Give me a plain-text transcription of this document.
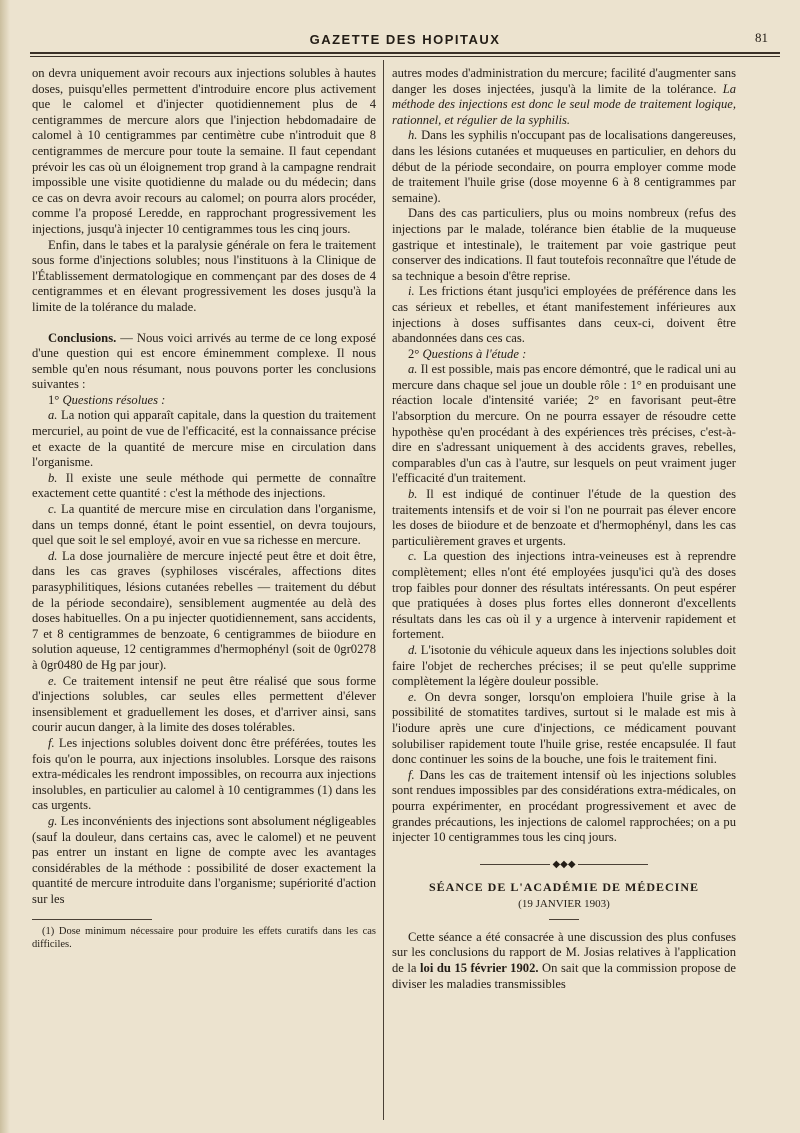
GAZETTE DES HOPITAUX	81

on devra uniquement avoir recours aux injections solubles à hautes doses, puisqu'elles permettent d'introduire encore plus activement que le calomel et d'injecter quotidiennement plus de 4 centigrammes de mercure alors que l'injection hebdomadaire de calomel à 10 centigrammes par centimètre cube n'introduit que 8 centigrammes de mercure pour toute la semaine. Il faut cependant prévoir les cas où un éloignement trop grand à la campagne rendrait impossible une visite quotidienne du malade ou du médecin; dans ce cas on devra avoir recours au calomel; on pourra alors procéder, comme l'a proposé Leredde, en rapprochant progressivement les injections, jusqu'à injecter 10 centigrammes tous les cinq jours.

Enfin, dans le tabes et la paralysie générale on fera le traitement sous forme d'injections solubles; nous l'instituons à la Clinique de l'Établissement dermatologique en commençant par des doses de 4 centigrammes et en élevant progressivement les doses jusqu'à la limite de la tolérance du malade.

Conclusions. — Nous voici arrivés au terme de ce long exposé d'une question qui est encore éminemment complexe. Il nous semble qu'en nous résumant, nous pouvons porter les conclusions suivantes :

1° Questions résolues :

a. La notion qui apparaît capitale, dans la question du traitement mercuriel, au point de vue de l'efficacité, est la connaissance précise et exacte de la quantité de mercure mise en circulation dans l'organisme.

b. Il existe une seule méthode qui permette de connaître exactement cette quantité : c'est la méthode des injections.

c. La quantité de mercure mise en circulation dans l'organisme, dans un temps donné, étant le point essentiel, on devra toujours, quel que soit le sel employé, avoir en vue sa richesse en mercure.

d. La dose journalière de mercure injecté peut être et doit être, dans les cas graves (syphiloses viscérales, affections dites parasyphilitiques, lésions cutanées rebelles — traitement du début de la période secondaire), sensiblement augmentée au delà des doses habituelles. On a pu injecter quotidiennement, sans accidents, 7 et 8 centigrammes de benzoate, 6 centigrammes de biiodure en solution aqueuse, 12 centigrammes d'hermophényl (soit de 0gr0278 à 0gr0480 de Hg par jour).

e. Ce traitement intensif ne peut être réalisé que sous forme d'injections solubles, car seules elles permettent d'élever insensiblement et graduellement les doses, et d'arriver ainsi, sans courir aucun danger, à la limite des doses tolérables.

f. Les injections solubles doivent donc être préférées, toutes les fois qu'on le pourra, aux injections insolubles. Lorsque des raisons extra-médicales les rendront impossibles, on recourra aux injections insolubles, en particulier au calomel à 10 centigrammes (1) dans les cas urgents.

g. Les inconvénients des injections sont absolument négligeables (sauf la douleur, dans certains cas, avec le calomel) et ne peuvent pas entrer un instant en ligne de compte avec les avantages considérables de la méthode : possibilité de doser exactement la quantité de mercure introduite dans l'organisme; supériorité d'action sur les

(1) Dose minimum nécessaire pour produire les effets curatifs dans les cas difficiles.

autres modes d'administration du mercure; facilité d'augmenter sans danger les doses injectées, jusqu'à la limite de la tolérance. La méthode des injections est donc le seul mode de traitement logique, rationnel, et régulier de la syphilis.

h. Dans les syphilis n'occupant pas de localisations dangereuses, dans les lésions cutanées et muqueuses en particulier, en dehors du début de la période secondaire, on pourra employer comme mode de traitement l'huile grise (dose moyenne 6 à 8 centigrammes par semaine).

Dans des cas particuliers, plus ou moins nombreux (refus des injections par le malade, tolérance bien établie de la muqueuse gastrique et intestinale), le traitement par voie gastrique peut conserver des indications. Il faut toutefois reconnaître que l'étude de sa technique a besoin d'être reprise.

i. Les frictions étant jusqu'ici employées de préférence dans les cas sérieux et rebelles, et étant manifestement inférieures aux injections à doses suffisantes dans ceux-ci, doivent être abandonnées dans ces cas.

2° Questions à l'étude :

a. Il est possible, mais pas encore démontré, que le radical uni au mercure dans chaque sel joue un double rôle : 1° en produisant une réaction locale d'intensité variée; 2° en favorisant peut-être l'absorption du mercure. On ne pourra essayer de résoudre cette hypothèse qu'en procédant à des expériences très précises, c'est-à-dire en s'adressant uniquement à des accidents graves, rebelles, comparables d'un cas à l'autre, sur lesquels on peut vraiment juger l'efficacité d'un traitement.

b. Il est indiqué de continuer l'étude de la question des traitements intensifs et de voir si l'on ne pourrait pas élever encore les doses de biiodure et de benzoate et d'hermophényl, dans les cas particulièrement graves et urgents.

c. La question des injections intra-veineuses est à reprendre complètement; elles n'ont été employées jusqu'ici qu'à des doses trop faibles pour donner des résultats intéressants. On peut espérer que pratiquées à doses plus fortes elles donneront d'excellents résultats dans les cas où il y a urgence à intervenir rapidement et fortement.

d. L'isotonie du véhicule aqueux dans les injections solubles doit faire l'objet de recherches précises; il se peut qu'elle supprime complètement la légère douleur possible.

e. On devra songer, lorsqu'on emploiera l'huile grise à la possibilité de stomatites tardives, surtout si le malade est mis à l'iodure après une cure d'injections, ce médicament pouvant solubiliser rapidement toute l'huile grise, restée encapsulée. Il faut donc continuer les soins de la bouche, une fois le traitement fini.

f. Dans les cas de traitement intensif où les injections solubles sont rendues impossibles par des considérations extra-médicales, on pourra expérimenter, en procédant progressivement et avec de grandes précautions, les injections de calomel rapprochées; on a pu injecter 10 centigrammes tous les cinq jours.

◆◆◆

SÉANCE DE L'ACADÉMIE DE MÉDECINE

(19 JANVIER 1903)

Cette séance a été consacrée à une discussion des plus confuses sur les conclusions du rapport de M. Josias relatives à l'application de la loi du 15 février 1902. On sait que la commission propose de diviser les maladies transmissibles
